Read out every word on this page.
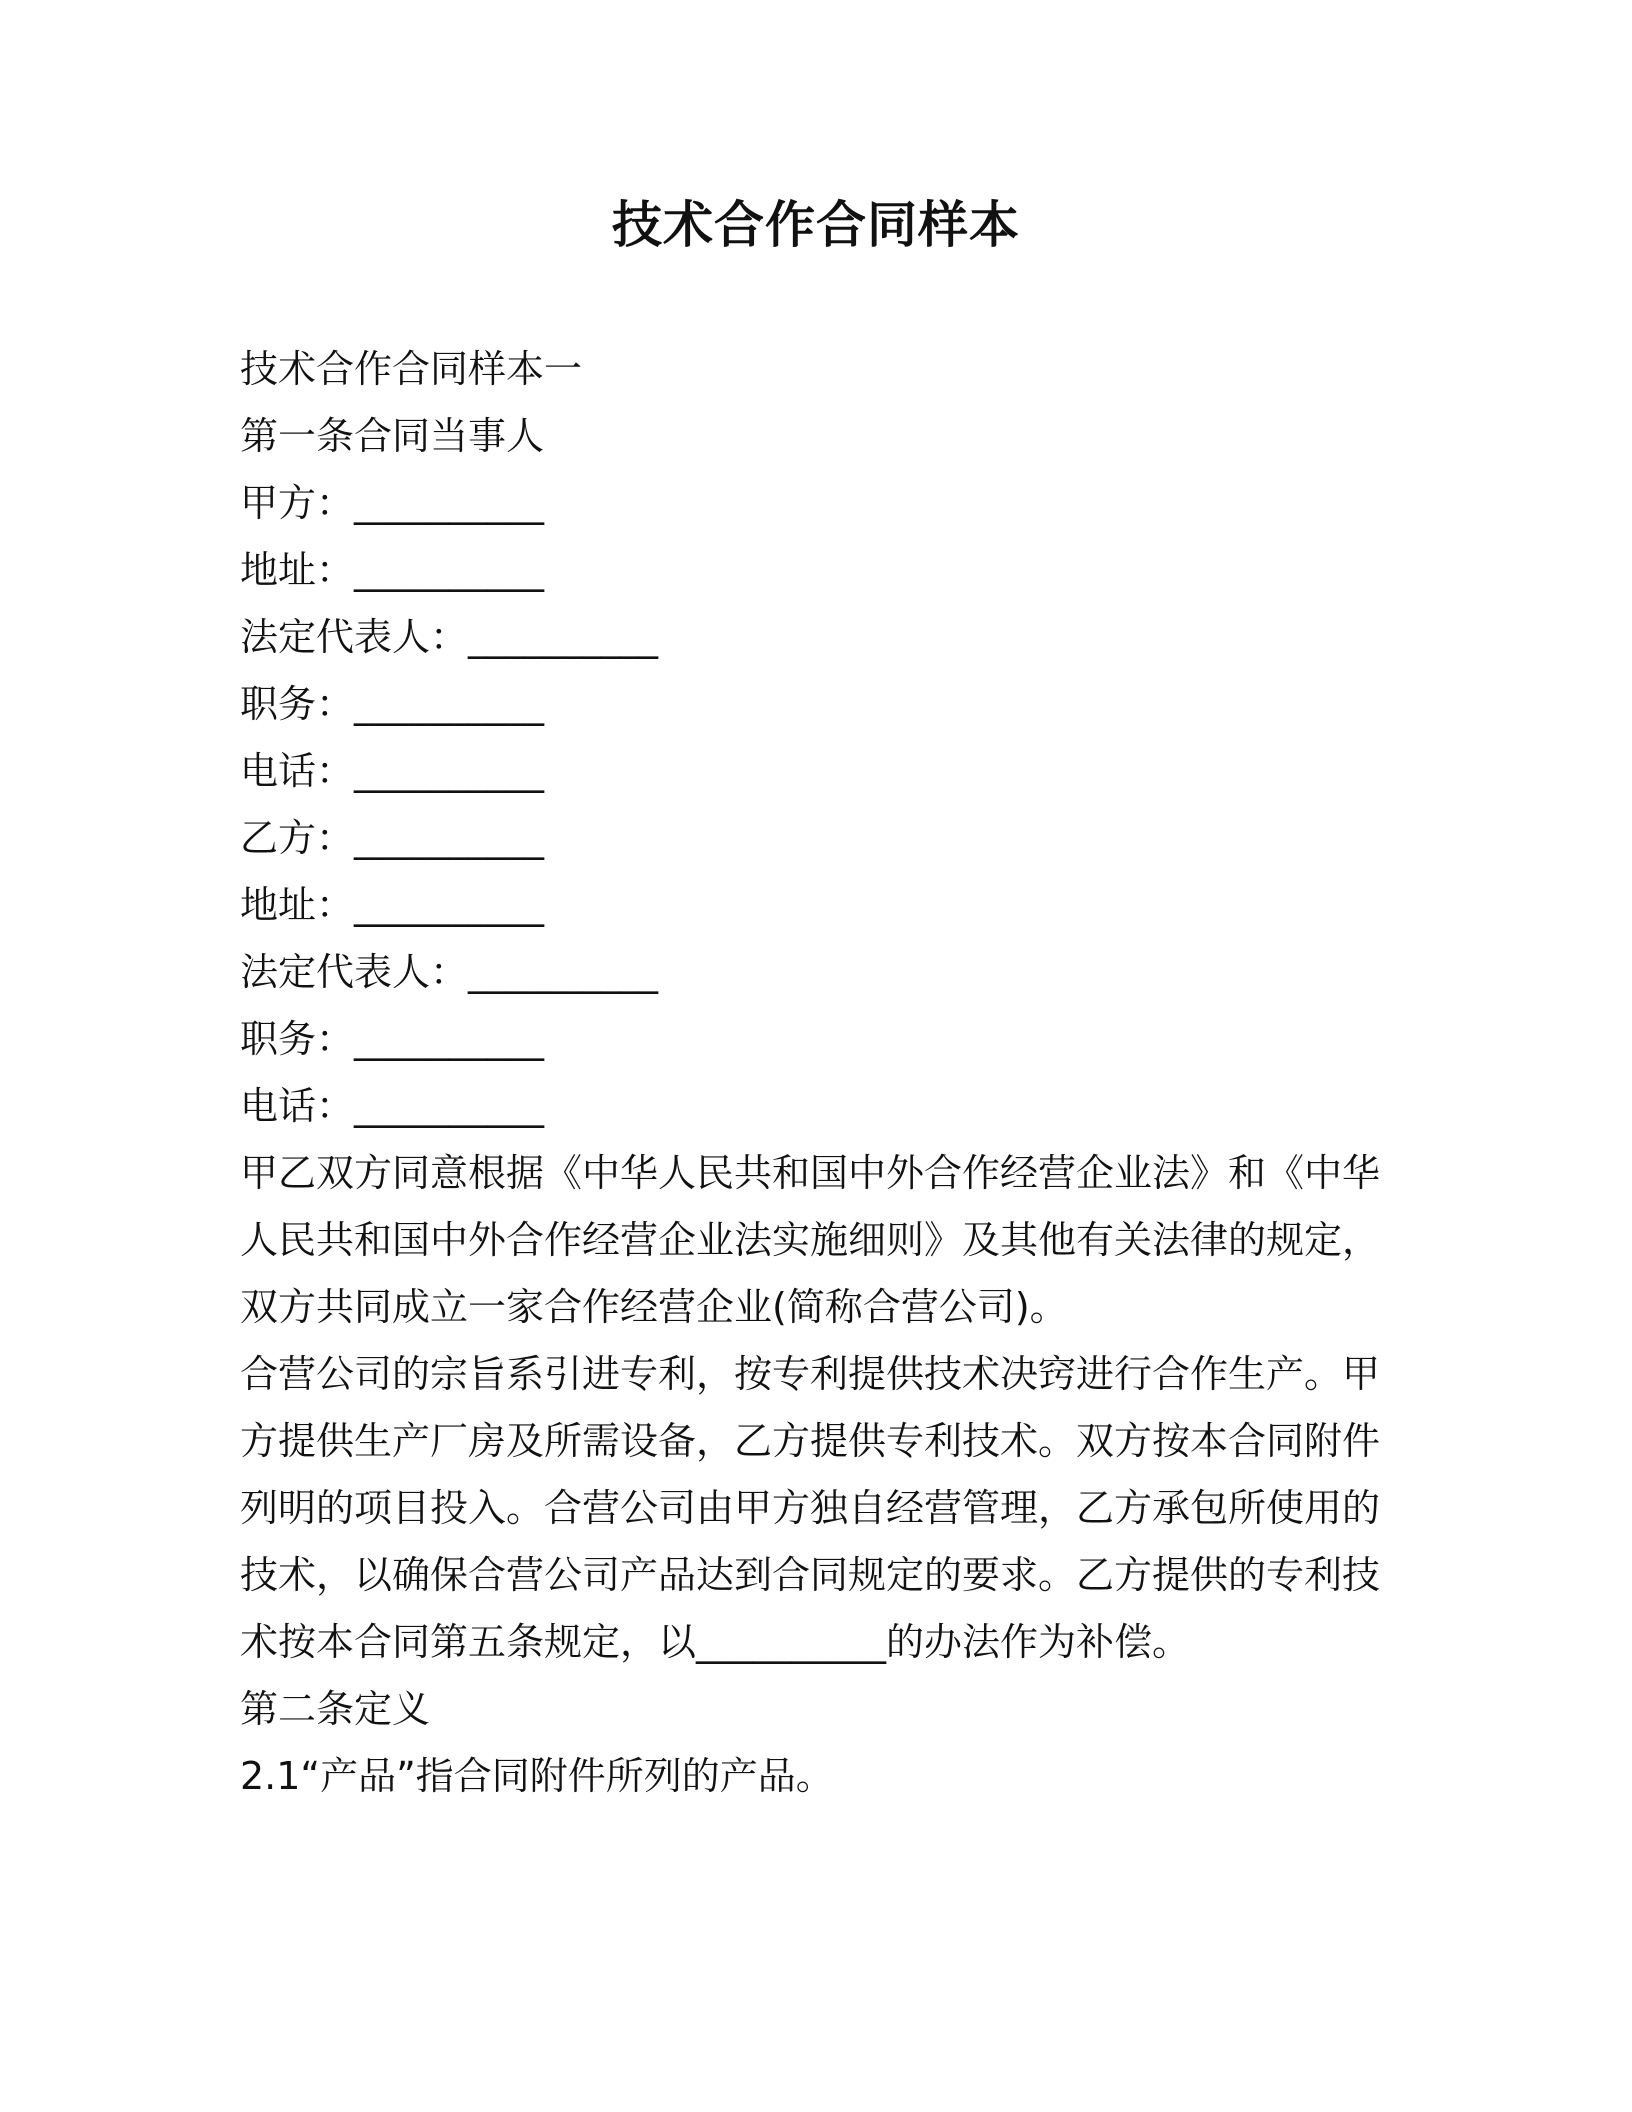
技术合作合同样本
技术合作合同样本一
第一条合同当事人
甲方：__________
地址：__________
法定代表人：__________
职务：__________
电话：__________
乙方：__________
地址：__________
法定代表人：__________
职务：__________
电话：__________
甲乙双方同意根据《中华人民共和国中外合作经营企业法》和《中华
人民共和国中外合作经营企业法实施细则》及其他有关法律的规定，
双方共同成立一家合作经营企业(简称合营公司)。
合营公司的宗旨系引进专利，按专利提供技术决窍进行合作生产。甲
方提供生产厂房及所需设备，乙方提供专利技术。双方按本合同附件
列明的项目投入。合营公司由甲方独自经营管理，乙方承包所使用的
技术，以确保合营公司产品达到合同规定的要求。乙方提供的专利技
术按本合同第五条规定，以__________的办法作为补偿。
第二条定义
2.1“产品”指合同附件所列的产品。
